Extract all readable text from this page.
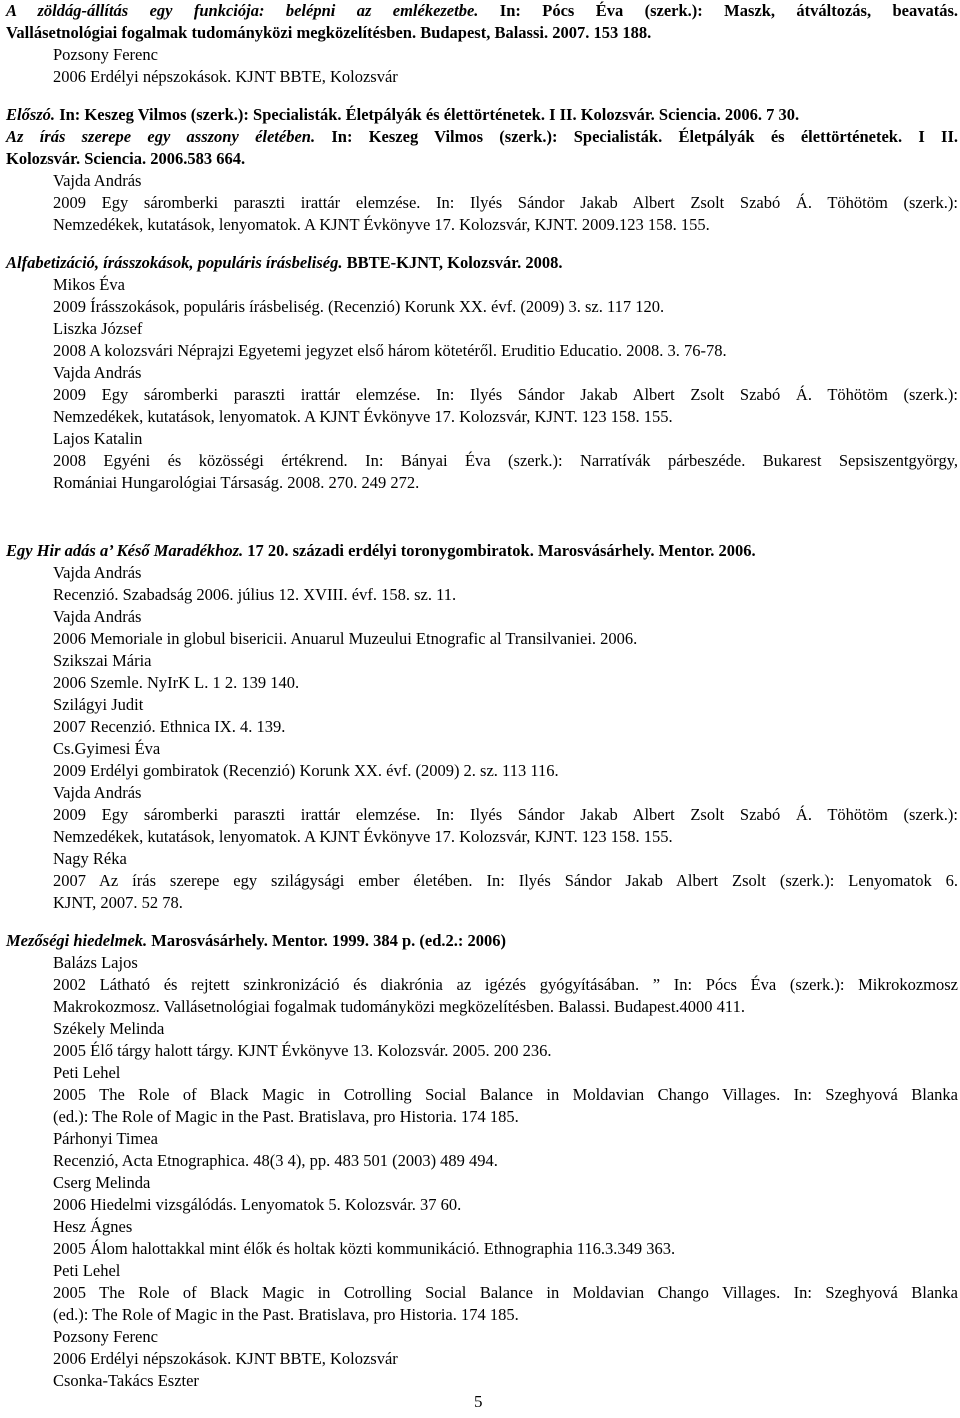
A zöldág-állítás egy funkciója: belépni az emlékezetbe. In: Pócs Éva (szerk.): Maszk, átváltozás, beavatás.
Vallásetnológiai fogalmak tudományközi megközelítésben. Budapest, Balassi. 2007. 153 188.
Pozsony Ferenc
2006 Erdélyi népszokások. KJNT BBTE, Kolozsvár
Előszó. In: Keszeg Vilmos (szerk.): Specialisták. Életpályák és élettörténetek. I II. Kolozsvár. Sciencia. 2006. 7 30.
Az írás szerepe egy asszony életében. In: Keszeg Vilmos (szerk.): Specialisták. Életpályák és élettörténetek. I II.
Kolozsvár. Sciencia. 2006.583 664.
Vajda András
2009 Egy sáromberki paraszti irattár elemzése. In: Ilyés Sándor Jakab Albert Zsolt Szabó Á. Töhötöm (szerk.):
Nemzedékek, kutatások, lenyomatok. A KJNT Évkönyve 17. Kolozsvár, KJNT. 2009.123 158. 155.
Alfabetizáció, írásszokások, populáris írásbeliség. BBTE-KJNT, Kolozsvár. 2008.
Mikos Éva
2009 Írásszokások, populáris írásbeliség. (Recenzió) Korunk XX. évf. (2009) 3. sz. 117 120.
Liszka József
2008 A kolozsvári Néprajzi Egyetemi jegyzet első három kötetéről. Eruditio Educatio. 2008. 3. 76-78.
Vajda András
2009 Egy sáromberki paraszti irattár elemzése. In: Ilyés Sándor Jakab Albert Zsolt Szabó Á. Töhötöm (szerk.):
Nemzedékek, kutatások, lenyomatok. A KJNT Évkönyve 17. Kolozsvár, KJNT. 123 158. 155.
Lajos Katalin
2008 Egyéni és közösségi értékrend. In: Bányai Éva (szerk.): Narratívák párbeszéde. Bukarest Sepsiszentgyörgy,
Romániai Hungarológiai Társaság. 2008. 270. 249 272.
Egy Hir adás a’ Késő Maradékhoz. 17 20. századi erdélyi toronygombiratok. Marosvásárhely. Mentor. 2006.
Vajda András
Recenzió. Szabadság 2006. július 12. XVIII. évf. 158. sz. 11.
Vajda András
2006 Memoriale in globul bisericii. Anuarul Muzeului Etnografic al Transilvaniei. 2006.
Szikszai Mária
2006 Szemle. NyIrK L. 1 2. 139 140.
Szilágyi Judit
2007 Recenzió. Ethnica IX. 4. 139.
Cs.Gyimesi Éva
2009 Erdélyi gombiratok (Recenzió) Korunk XX. évf. (2009) 2. sz. 113 116.
Vajda András
2009 Egy sáromberki paraszti irattár elemzése. In: Ilyés Sándor Jakab Albert Zsolt Szabó Á. Töhötöm (szerk.):
Nemzedékek, kutatások, lenyomatok. A KJNT Évkönyve 17. Kolozsvár, KJNT. 123 158. 155.
Nagy Réka
2007 Az írás szerepe egy szilágysági ember életében. In: Ilyés Sándor Jakab Albert Zsolt (szerk.): Lenyomatok 6.
KJNT, 2007. 52 78.
Mezőségi hiedelmek. Marosvásárhely. Mentor. 1999. 384 p. (ed.2.: 2006)
Balázs Lajos
2002 Látható és rejtett szinkronizáció és diakrónia az igézés gyógyításában. ” In: Pócs Éva (szerk.): Mikrokozmosz
Makrokozmosz. Vallásetnológiai fogalmak tudományközi megközelítésben. Balassi. Budapest.4000 411.
Székely Melinda
2005 Élő tárgy halott tárgy. KJNT Évkönyve 13. Kolozsvár. 2005. 200 236.
Peti Lehel
2005 The Role of Black Magic in Cotrolling Social Balance in Moldavian Chango Villages. In: Szeghyová Blanka
(ed.): The Role of Magic in the Past. Bratislava, pro Historia. 174 185.
Párhonyi Timea
Recenzió, Acta Etnographica. 48(3 4), pp. 483 501 (2003) 489 494.
Cserg Melinda
2006 Hiedelmi vizsgálódás. Lenyomatok 5. Kolozsvár. 37 60.
Hesz Ágnes
2005 Álom halottakkal mint élők és holtak közti kommunikáció. Ethnographia 116.3.349 363.
Peti Lehel
2005 The Role of Black Magic in Cotrolling Social Balance in Moldavian Chango Villages. In: Szeghyová Blanka
(ed.): The Role of Magic in the Past. Bratislava, pro Historia. 174 185.
Pozsony Ferenc
2006 Erdélyi népszokások. KJNT BBTE, Kolozsvár
Csonka-Takács Eszter
5
